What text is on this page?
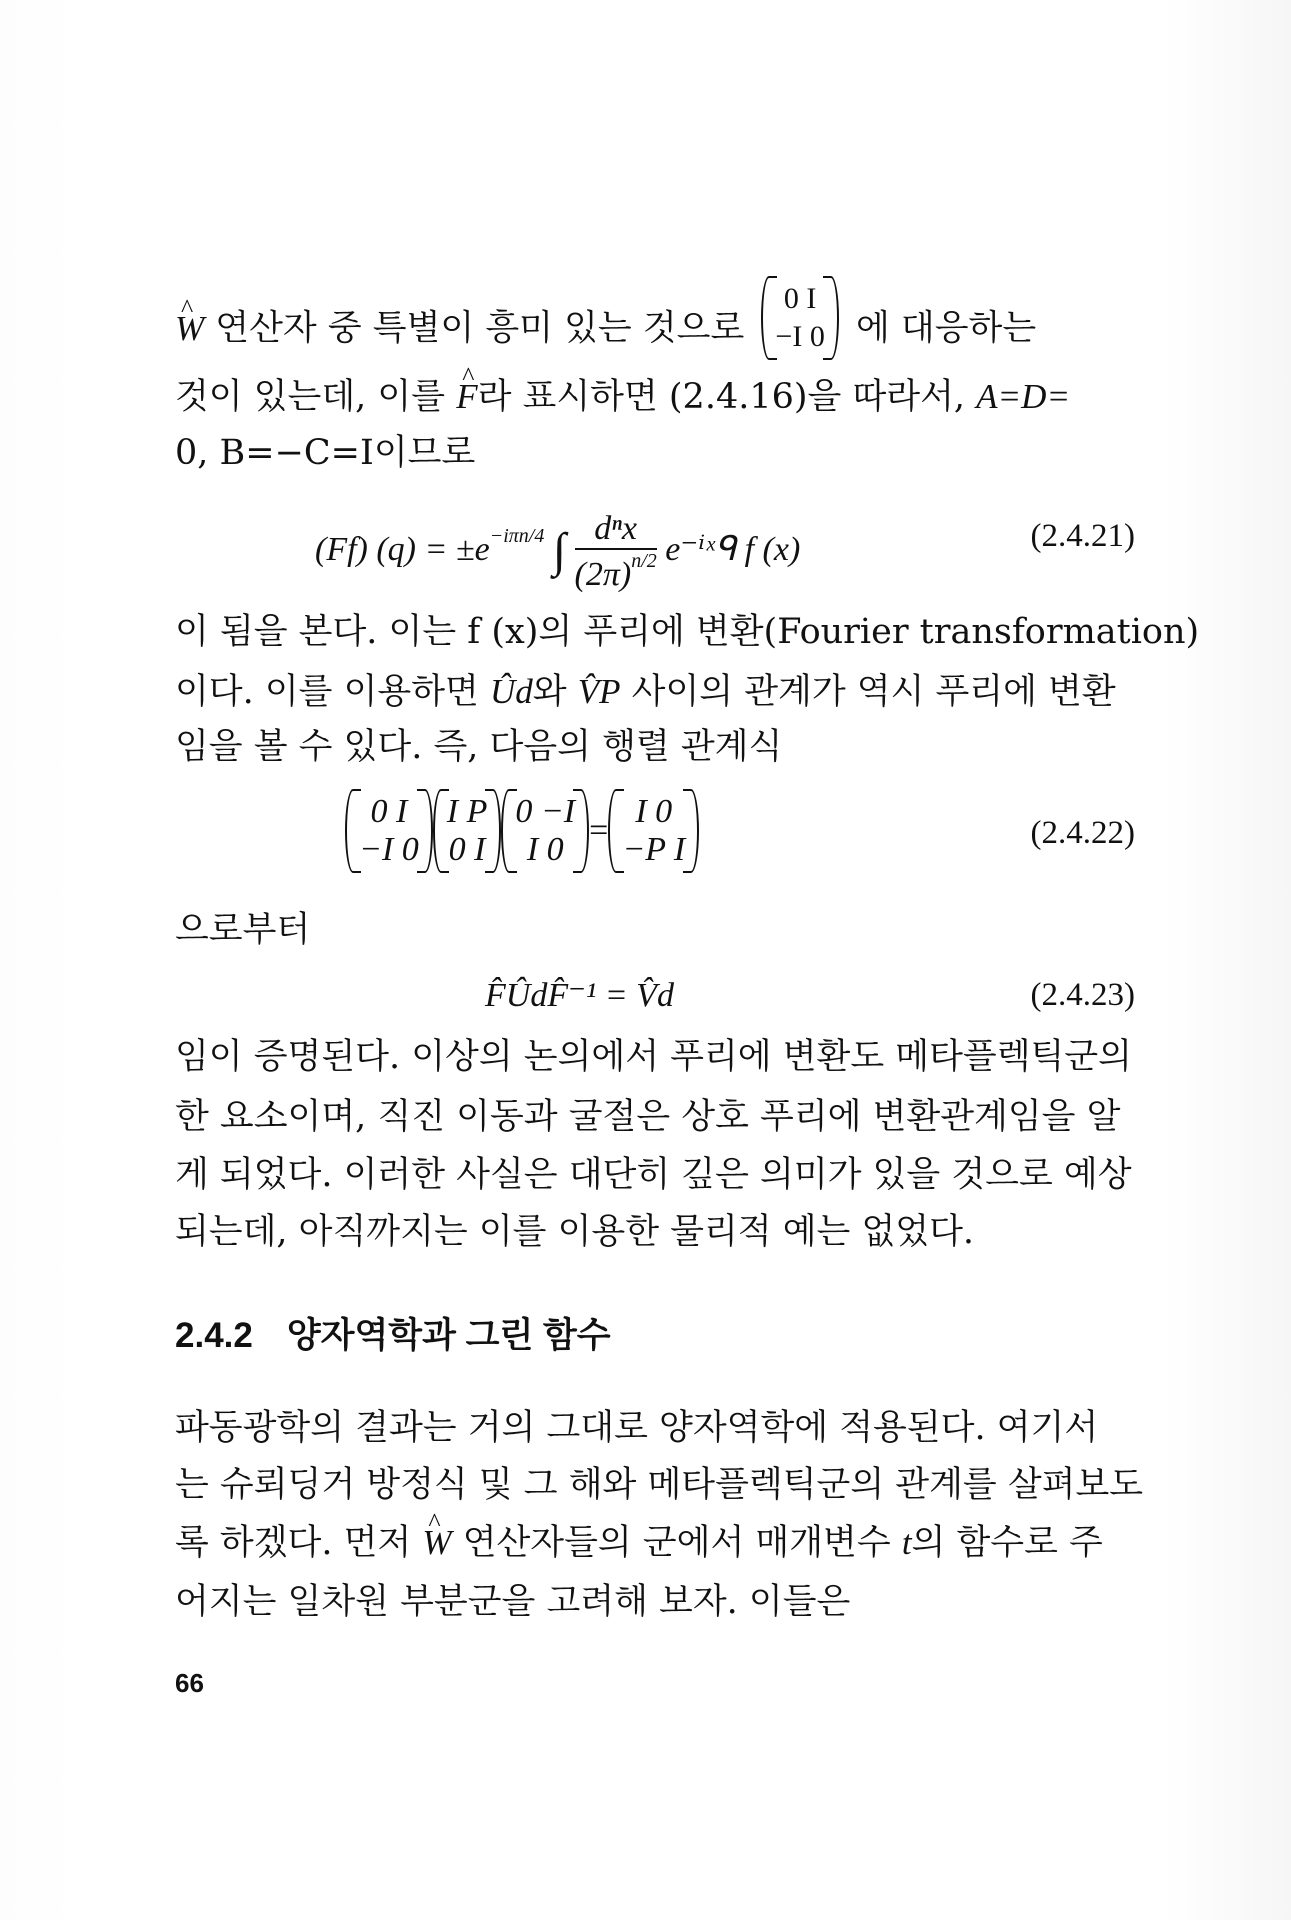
^ W 연산자 중 특별이 흥미 있는 것으로
0 I
−I 0 에 대응하는
것이 있는데, 이를 ^ F라 표시하면 (2.4.16)을 따라서, A=D=
0, B=−C=I이므로
(Ff) $(q) = \pm e^{-i\pi n/4}$ ∫ $\frac{\text{dⁿx}}{(2\pi)^{n/2}}$ e⁻ⁱˣᑫ f (x)	(2.4.21)
이 됨을 본다. 이는 f (x)의 푸리에 변환(Fourier transformation)
이다. 이를 이용하면 Ûd와 V̂P 사이의 관계가 역시 푸리에 변환
임을 볼 수 있다. 즉, 다음의 행렬 관계식
0 I
−I 0
I P
0 I
0 −I
I 0
=
I 0
−P I	(2.4.22)
으로부터
F̂ÛdF̂⁻¹ = V̂d	(2.4.23)
임이 증명된다. 이상의 논의에서 푸리에 변환도 메타플렉틱군의
한 요소이며, 직진 이동과 굴절은 상호 푸리에 변환관계임을 알
게 되었다. 이러한 사실은 대단히 깊은 의미가 있을 것으로 예상
되는데, 아직까지는 이를 이용한 물리적 예는 없었다.
2.4.2 양자역학과 그린 함수
파동광학의 결과는 거의 그대로 양자역학에 적용된다. 여기서
는 슈뢰딩거 방정식 및 그 해와 메타플렉틱군의 관계를 살펴보도
록 하겠다. 먼저 ^ W 연산자들의 군에서 매개변수 t의 함수로 주
어지는 일차원 부분군을 고려해 보자. 이들은
66
